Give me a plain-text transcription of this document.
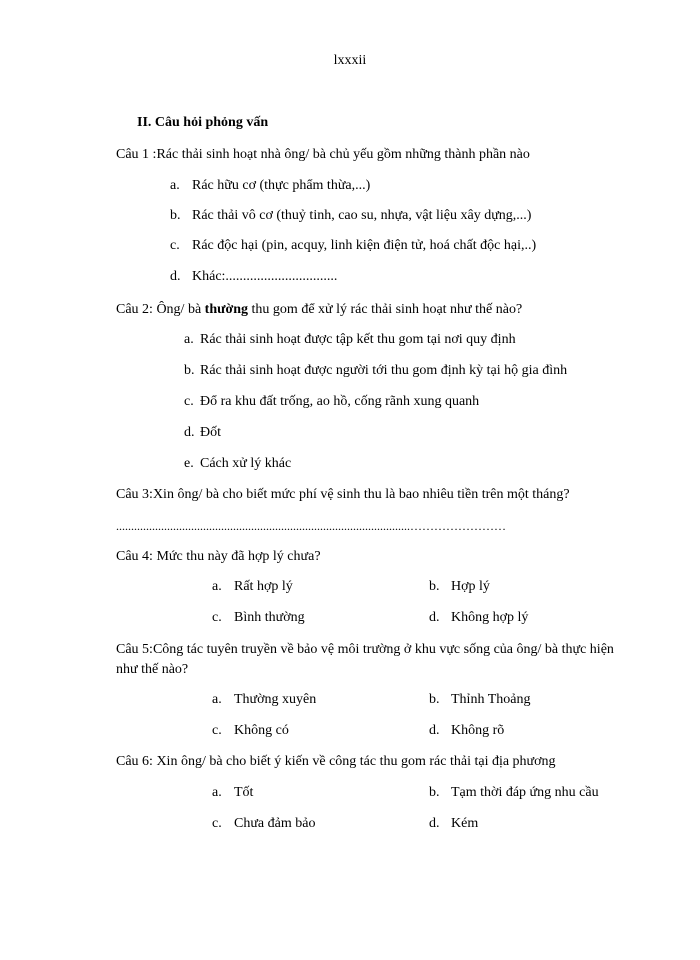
lxxxii
II. Câu hỏi phỏng vấn
Câu 1 :Rác thải sinh hoạt nhà ông/ bà chủ yếu gồm những thành phần nào
a. Rác hữu cơ (thực phẩm thừa,...)
b. Rác thải vô cơ (thuỷ tinh, cao su, nhựa, vật liệu xây dựng,...)
c. Rác độc hại (pin, acquy, linh kiện điện tử, hoá chất độc hại,..)
d. Khác:................................
Câu 2: Ông/ bà thường thu gom để xử lý rác thải sinh hoạt như thế nào?
a. Rác thải sinh hoạt được tập kết thu gom tại nơi quy định
b. Rác thải sinh hoạt được người tới thu gom định kỳ tại hộ gia đình
c. Đổ ra khu đất trống, ao hồ, cống rãnh xung quanh
d. Đốt
e. Cách xử lý khác
Câu 3:Xin ông/ bà cho biết mức phí vệ sinh thu là bao nhiêu tiền trên một tháng?
..................................................................................................……………………
Câu 4: Mức thu này đã hợp lý chưa?
a. Rất hợp lý	b. Hợp lý
c. Bình thường	d. Không hợp lý
Câu 5:Công tác tuyên truyền về bảo vệ môi trường ở khu vực sống của ông/ bà thực hiện như thế nào?
a. Thường xuyên	b. Thỉnh Thoảng
c. Không có	d. Không rõ
Câu 6: Xin ông/ bà cho biết ý kiến về công tác thu gom rác thải tại địa phương
a. Tốt	b. Tạm thời đáp ứng nhu cầu
c. Chưa đảm bảo	d. Kém
